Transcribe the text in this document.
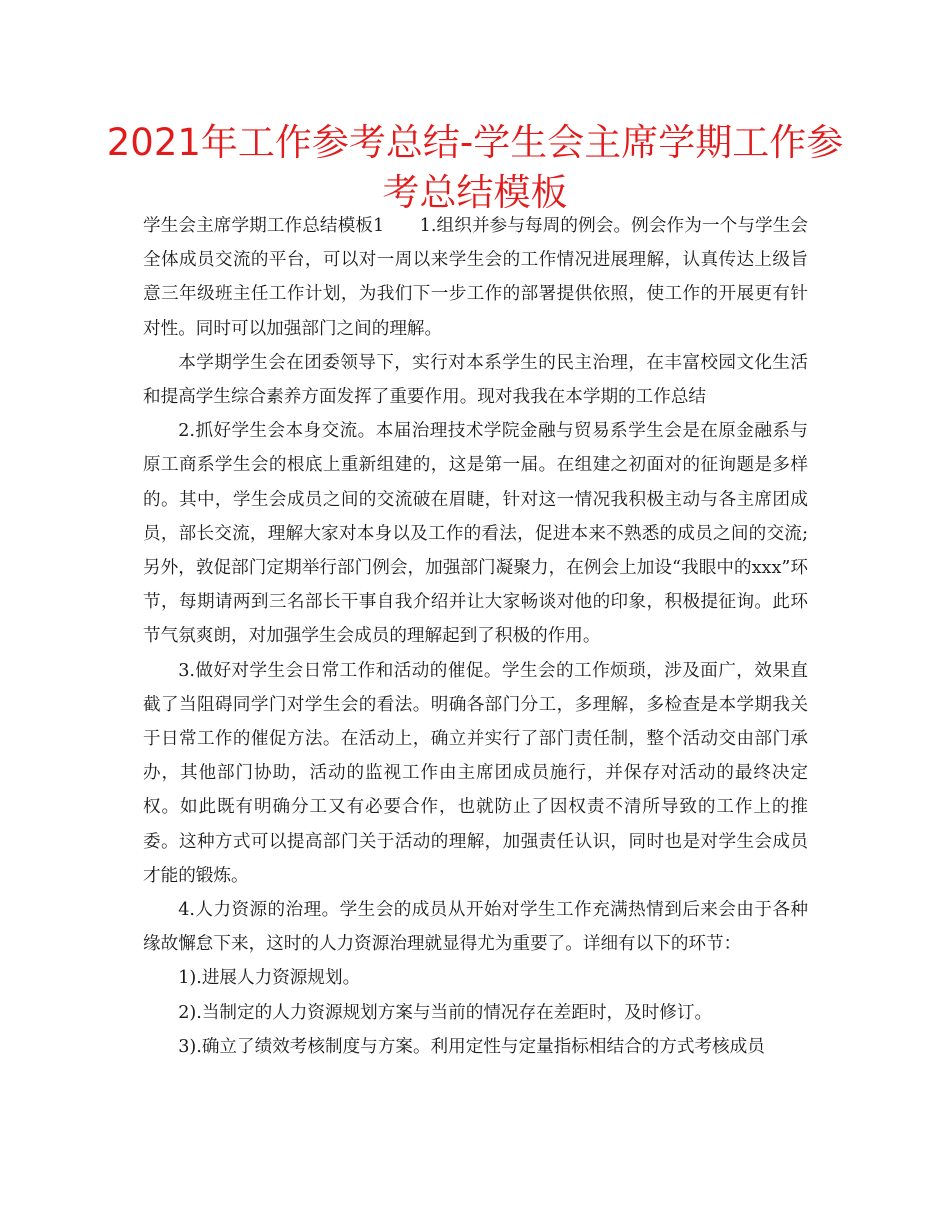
2021年工作参考总结-学生会主席学期工作参考总结模板

学生会主席学期工作总结模板1　　1.组织并参与每周的例会。例会作为一个与学生会全体成员交流的平台，可以对一周以来学生会的工作情况进展理解，认真传达上级旨意三年级班主任工作计划，为我们下一步工作的部署提供依照，使工作的开展更有针对性。同时可以加强部门之间的理解。

本学期学生会在团委领导下，实行对本系学生的民主治理，在丰富校园文化生活和提高学生综合素养方面发挥了重要作用。现对我我在本学期的工作总结

2.抓好学生会本身交流。本届治理技术学院金融与贸易系学生会是在原金融系与原工商系学生会的根底上重新组建的，这是第一届。在组建之初面对的征询题是多样的。其中，学生会成员之间的交流破在眉睫，针对这一情况我积极主动与各主席团成员，部长交流，理解大家对本身以及工作的看法，促进本来不熟悉的成员之间的交流;另外，敦促部门定期举行部门例会，加强部门凝聚力，在例会上加设“我眼中的xxx”环节，每期请两到三名部长干事自我介绍并让大家畅谈对他的印象，积极提征询。此环节气氛爽朗，对加强学生会成员的理解起到了积极的作用。

3.做好对学生会日常工作和活动的催促。学生会的工作烦琐，涉及面广，效果直截了当阻碍同学门对学生会的看法。明确各部门分工，多理解，多检查是本学期我关于日常工作的催促方法。在活动上，确立并实行了部门责任制，整个活动交由部门承办，其他部门协助，活动的监视工作由主席团成员施行，并保存对活动的最终决定权。如此既有明确分工又有必要合作，也就防止了因权责不清所导致的工作上的推委。这种方式可以提高部门关于活动的理解，加强责任认识，同时也是对学生会成员才能的锻炼。

4.人力资源的治理。学生会的成员从开始对学生工作充满热情到后来会由于各种缘故懈怠下来，这时的人力资源治理就显得尤为重要了。详细有以下的环节：

1).进展人力资源规划。

2).当制定的人力资源规划方案与当前的情况存在差距时，及时修订。

3).确立了绩效考核制度与方案。利用定性与定量指标相结合的方式考核成员
